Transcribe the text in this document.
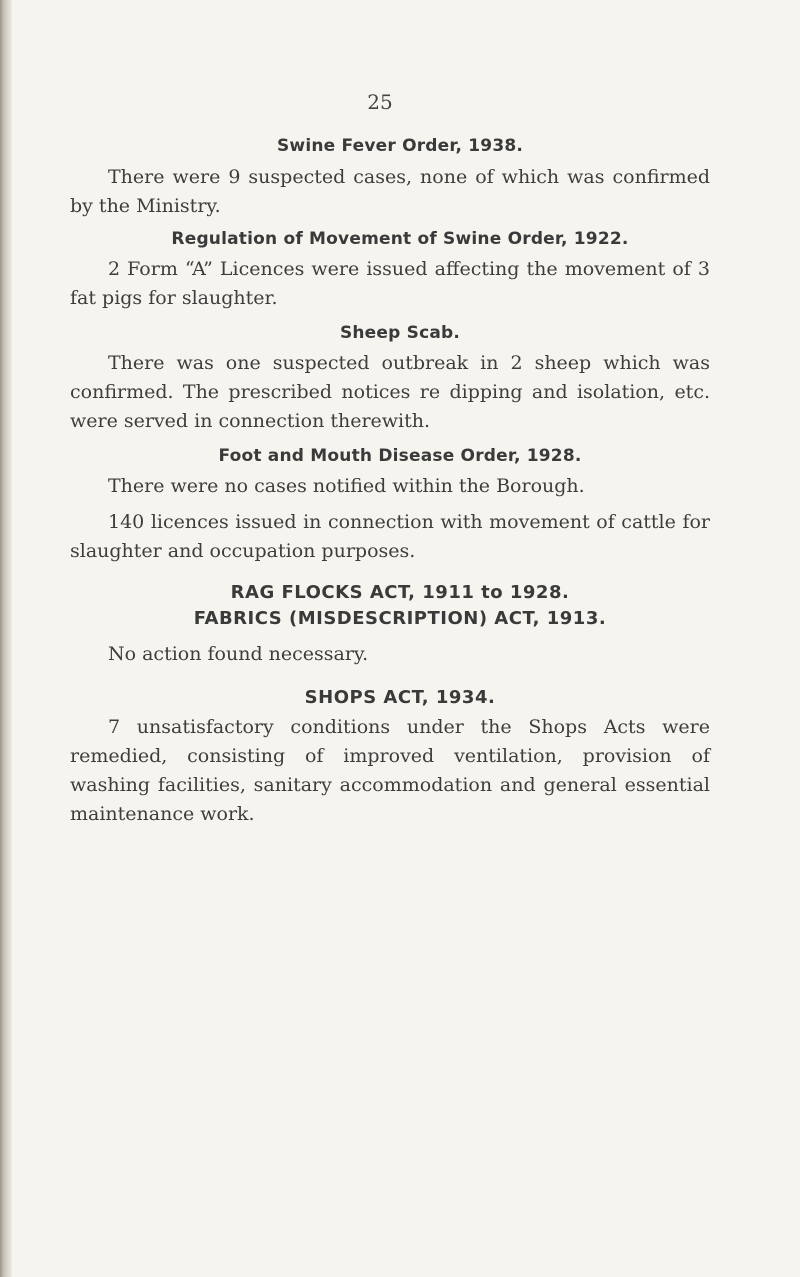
25
Swine Fever Order, 1938.

There were 9 suspected cases, none of which was confirmed by the Ministry.

Regulation of Movement of Swine Order, 1922.

2 Form “A” Licences were issued affecting the movement of 3 fat pigs for slaughter.

Sheep Scab.

There was one suspected outbreak in 2 sheep which was confirmed. The prescribed notices re dipping and isolation, etc. were served in connection therewith.

Foot and Mouth Disease Order, 1928.

There were no cases notified within the Borough.

140 licences issued in connection with movement of cattle for slaughter and occupation purposes.

RAG FLOCKS ACT, 1911 to 1928.
FABRICS (MISDESCRIPTION) ACT, 1913.

No action found necessary.

SHOPS ACT, 1934.

7 unsatisfactory conditions under the Shops Acts were remedied, consisting of improved ventilation, provision of washing facilities, sanitary accommodation and general essential maintenance work.
